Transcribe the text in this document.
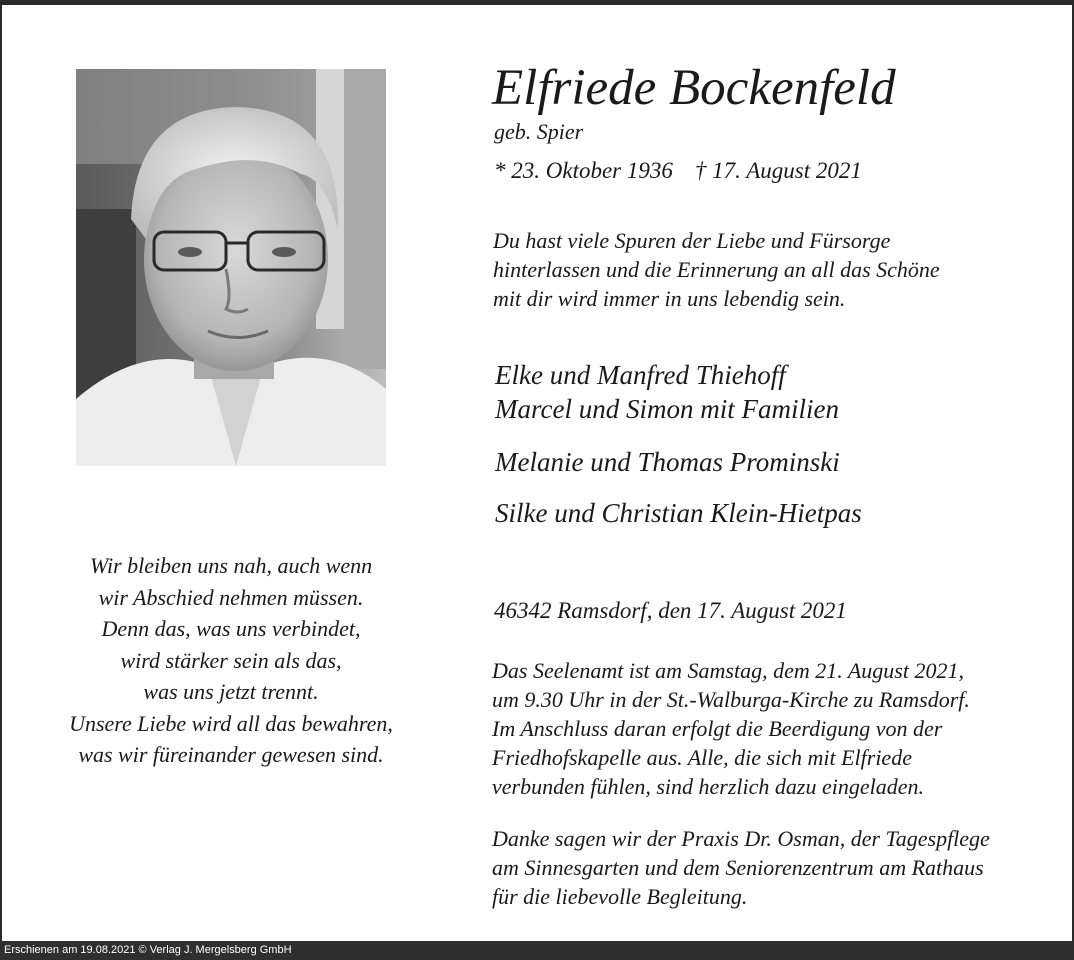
Elfriede Bockenfeld
geb. Spier
* 23. Oktober 1936 † 17. August 2021
Du hast viele Spuren der Liebe und Fürsorge
hinterlassen und die Erinnerung an all das Schöne
mit dir wird immer in uns lebendig sein.
Elke und Manfred Thiehoff
Marcel und Simon mit Familien
Melanie und Thomas Prominski
Silke und Christian Klein-Hietpas
Wir bleiben uns nah, auch wenn
wir Abschied nehmen müssen.
Denn das, was uns verbindet,
wird stärker sein als das,
was uns jetzt trennt.
Unsere Liebe wird all das bewahren,
was wir füreinander gewesen sind.
46342 Ramsdorf, den 17. August 2021
Das Seelenamt ist am Samstag, dem 21. August 2021,
um 9.30 Uhr in der St.-Walburga-Kirche zu Ramsdorf.
Im Anschluss daran erfolgt die Beerdigung von der
Friedhofskapelle aus. Alle, die sich mit Elfriede
verbunden fühlen, sind herzlich dazu eingeladen.
Danke sagen wir der Praxis Dr. Osman, der Tagespflege
am Sinnesgarten und dem Seniorenzentrum am Rathaus
für die liebevolle Begleitung.
Erschienen am 19.08.2021 © Verlag J. Mergelsberg GmbH
